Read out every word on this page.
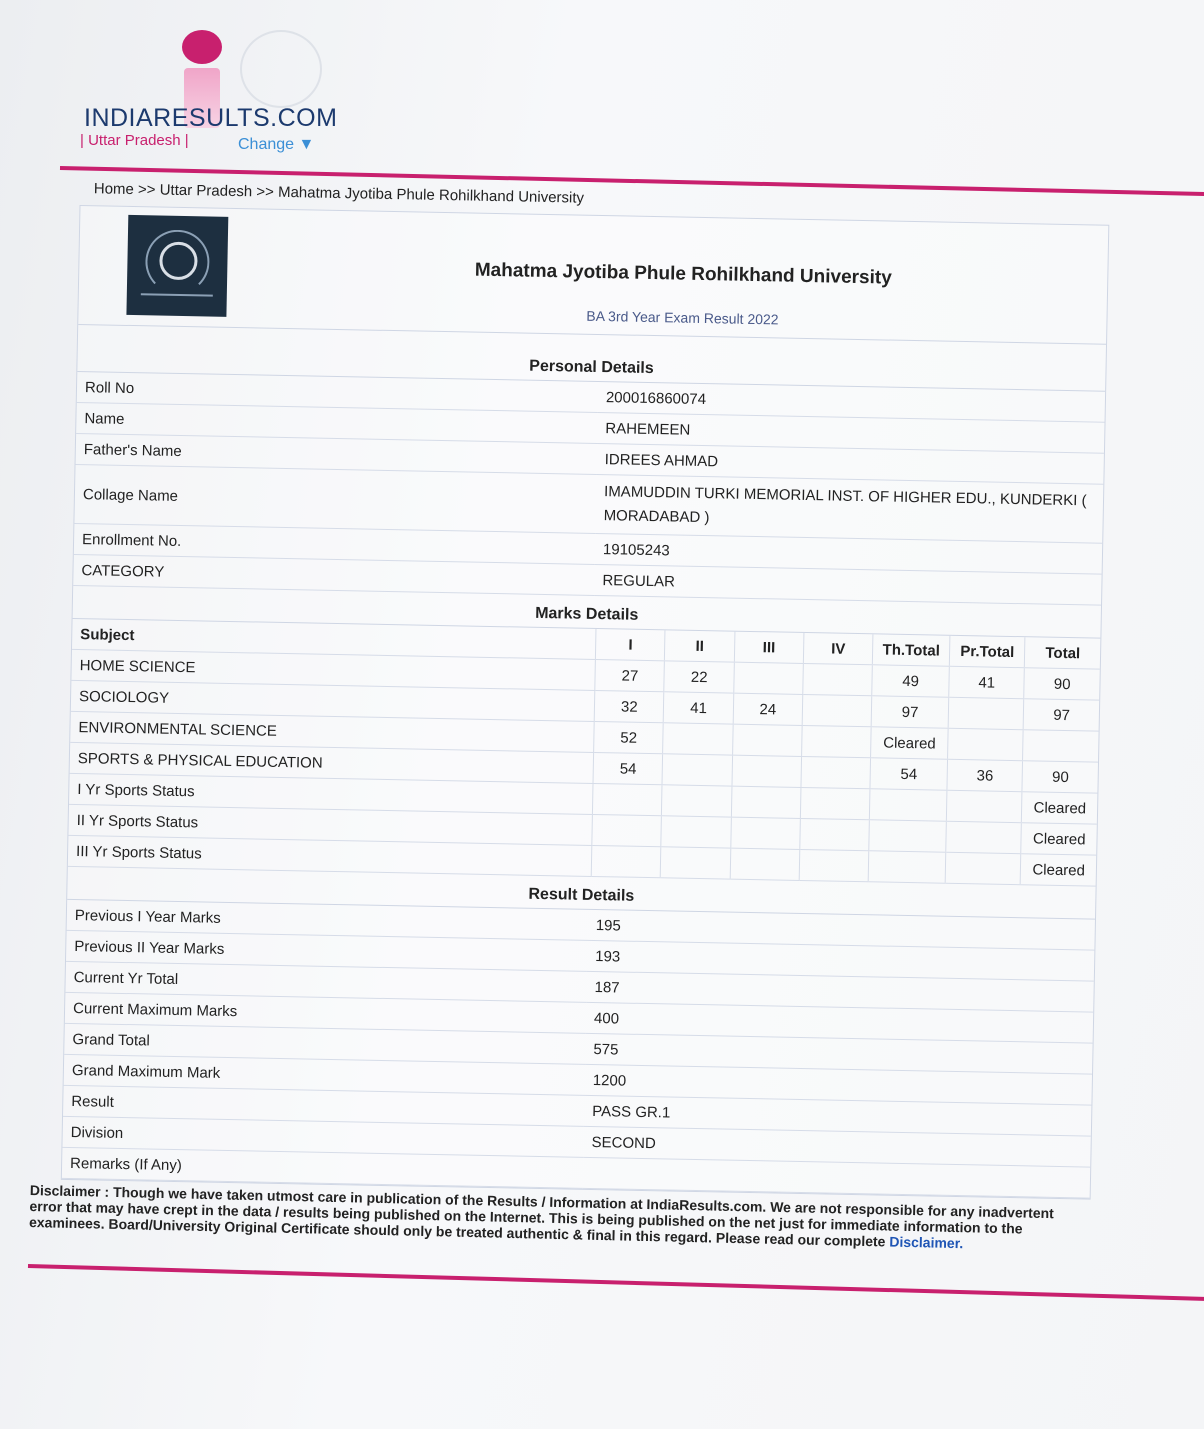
INDIARESULTS.COM
| Uttar Pradesh |	Change ▼
Home >> Uttar Pradesh >> Mahatma Jyotiba Phule Rohilkhand University
Mahatma Jyotiba Phule Rohilkhand University
BA 3rd Year Exam Result 2022
Personal Details
Roll No	200016860074
Name	RAHEMEEN
Father's Name	IDREES AHMAD
Collage Name	IMAMUDDIN TURKI MEMORIAL INST. OF HIGHER EDU., KUNDERKI ( MORADABAD )
Enrollment No.	19105243
CATEGORY	REGULAR
Marks Details
Subject	I	II	III	IV	Th.Total	Pr.Total	Total
HOME SCIENCE	27	22			49	41	90
SOCIOLOGY	32	41	24		97		97
ENVIRONMENTAL SCIENCE	52				Cleared		
SPORTS & PHYSICAL EDUCATION	54				54	36	90
I Yr Sports Status							Cleared
II Yr Sports Status							Cleared
III Yr Sports Status							Cleared
Result Details
Previous I Year Marks	195
Previous II Year Marks	193
Current Yr Total	187
Current Maximum Marks	400
Grand Total	575
Grand Maximum Mark	1200
Result	PASS GR.1
Division	SECOND
Remarks (If Any)	
Disclaimer : Though we have taken utmost care in publication of the Results / Information at IndiaResults.com. We are not responsible for any inadvertent error that may have crept in the data / results being published on the Internet. This is being published on the net just for immediate information to the examinees. Board/University Original Certificate should only be treated authentic & final in this regard. Please read our complete Disclaimer.
